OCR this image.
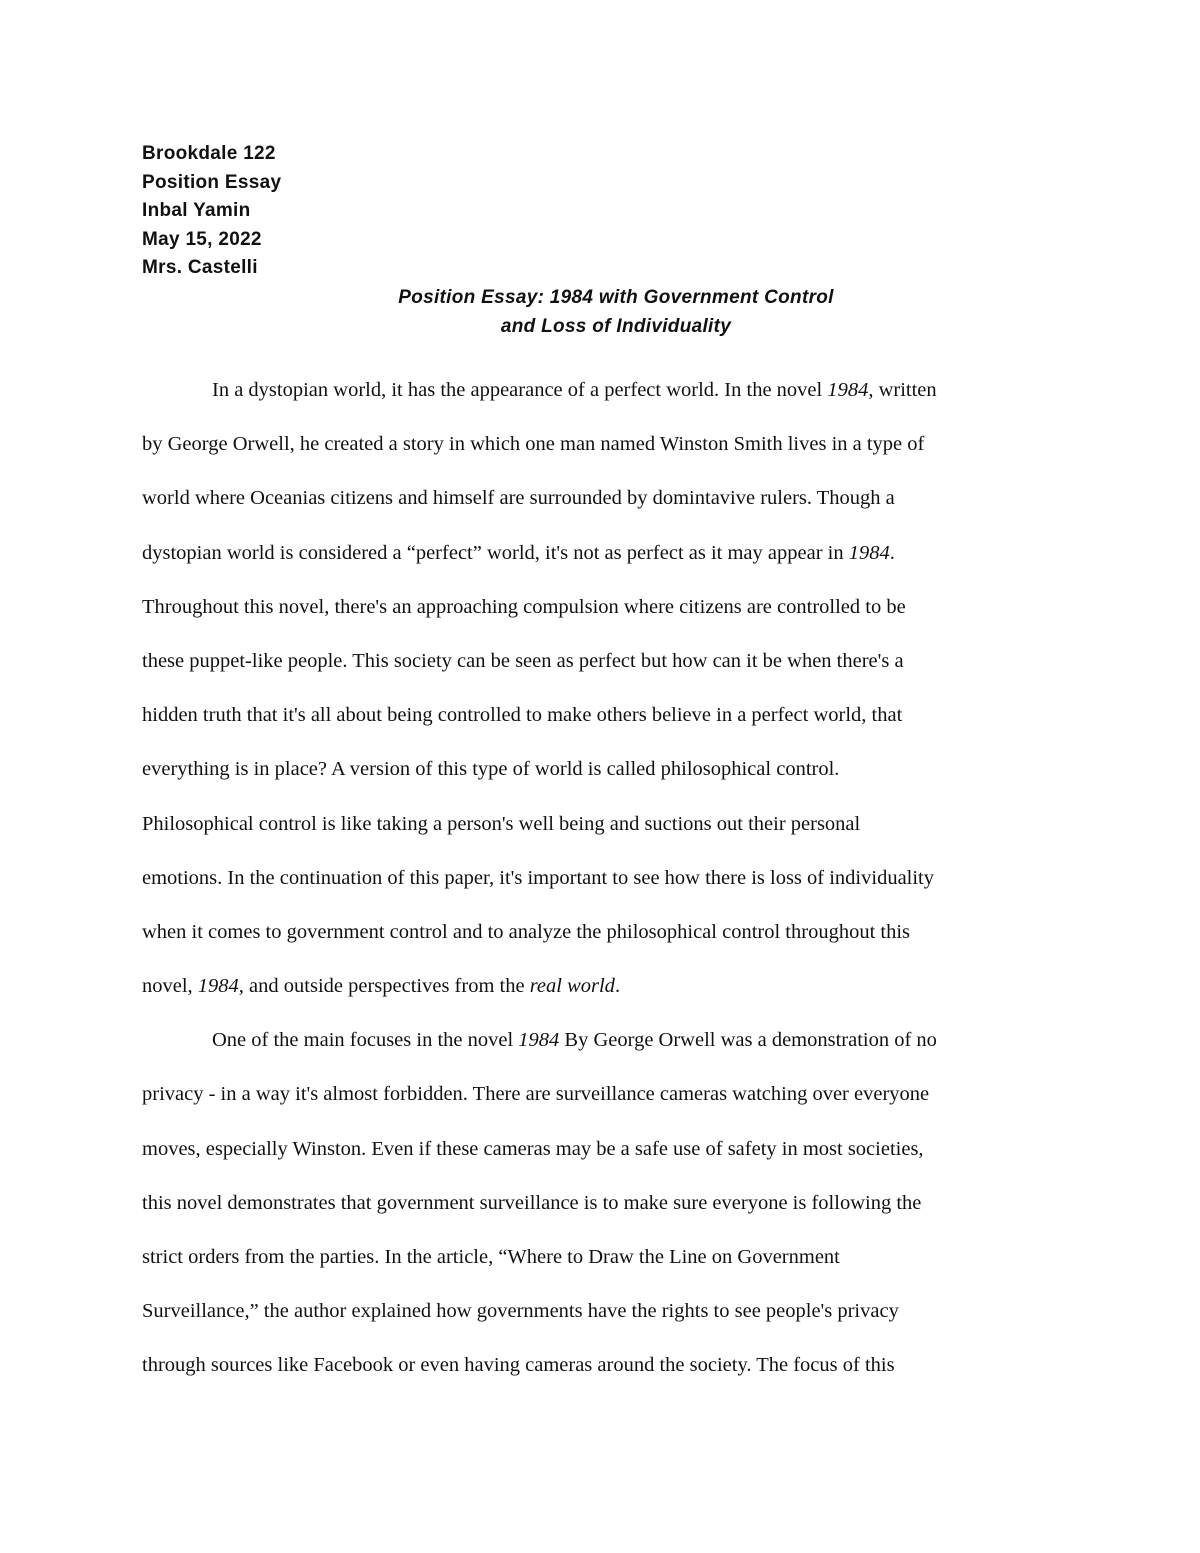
Brookdale 122
Position Essay
Inbal Yamin
May 15, 2022
Mrs. Castelli
Position Essay: 1984 with Government Control
and Loss of Individuality
In a dystopian world, it has the appearance of a perfect world. In the novel 1984, written
by George Orwell, he created a story in which one man named Winston Smith lives in a type of
world where Oceanias citizens and himself are surrounded by domintavive rulers. Though a
dystopian world is considered a “perfect” world, it's not as perfect as it may appear in 1984.
Throughout this novel, there's an approaching compulsion where citizens are controlled to be
these puppet-like people. This society can be seen as perfect but how can it be when there's a
hidden truth that it's all about being controlled to make others believe in a perfect world, that
everything is in place? A version of this type of world is called philosophical control.
Philosophical control is like taking a person's well being and suctions out their personal
emotions. In the continuation of this paper, it's important to see how there is loss of individuality
when it comes to government control and to analyze the philosophical control throughout this
novel, 1984, and outside perspectives from the real world.
One of the main focuses in the novel 1984 By George Orwell was a demonstration of no
privacy - in a way it's almost forbidden. There are surveillance cameras watching over everyone
moves, especially Winston. Even if these cameras may be a safe use of safety in most societies,
this novel demonstrates that government surveillance is to make sure everyone is following the
strict orders from the parties. In the article, “Where to Draw the Line on Government
Surveillance,” the author explained how governments have the rights to see people's privacy
through sources like Facebook or even having cameras around the society. The focus of this
